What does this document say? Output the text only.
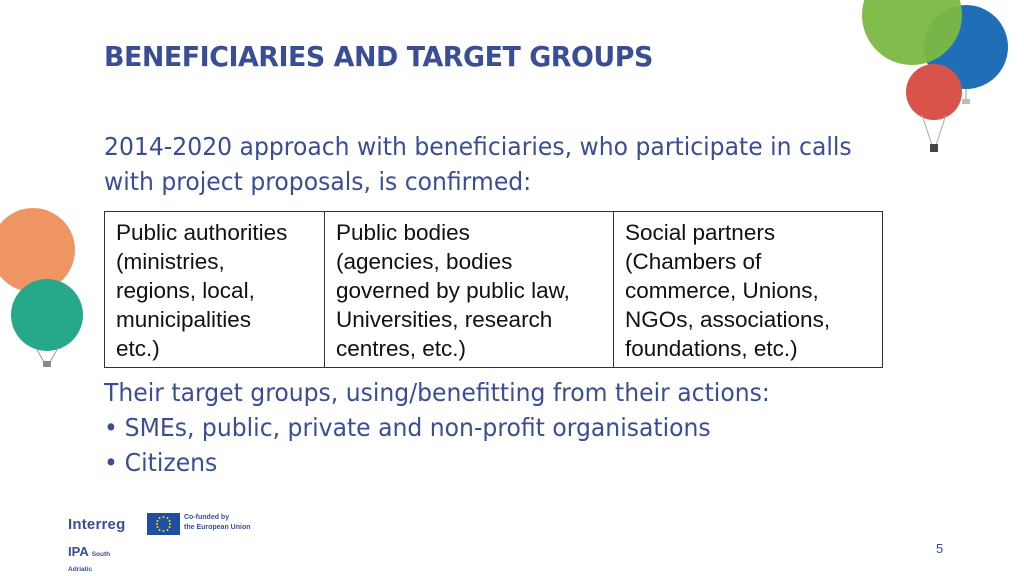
BENEFICIARIES AND TARGET GROUPS
2014-2020 approach with beneficiaries, who participate in calls with project proposals, is confirmed:
Public authorities
(ministries,
regions, local,
municipalities
etc.)	Public bodies
(agencies, bodies
governed by public law,
Universities, research
centres, etc.)	Social partners
(Chambers of
commerce, Unions,
NGOs, associations,
foundations, etc.)
Their target groups, using/benefitting from their actions:
• SMEs, public, private and non-profit organisations
• Citizens
Interreg	Co-funded by
the European Union
IPA South Adriatic
5
